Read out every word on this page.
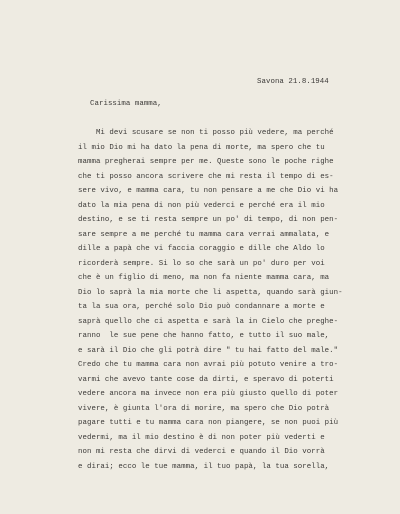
Savona 21.8.1944
Carissima mamma,
Mi devi scusare se non ti posso più vedere, ma perché
il mio Dio mi ha dato la pena di morte, ma spero che tu
mamma pregherai sempre per me. Queste sono le poche righe
che ti posso ancora scrivere che mi resta il tempo di es-
sere vivo, e mamma cara, tu non pensare a me che Dio vi ha
dato la mia pena di non più vederci e perché era il mio
destino, e se ti resta sempre un po' di tempo, di non pen-
sare sempre a me perché tu mamma cara verrai ammalata, e
dille a papà che vi faccia coraggio e dille che Aldo lo
ricorderà sempre. Si lo so che sarà un po' duro per voi
che è un figlio di meno, ma non fa niente mamma cara, ma
Dio lo saprà la mia morte che li aspetta, quando sarà giun-
ta la sua ora, perché solo Dio può condannare a morte e
saprà quello che ci aspetta e sarà la in Cielo che preghe-
ranno  le sue pene che hanno fatto, e tutto il suo male,
e sarà il Dio che gli potrà dire " tu hai fatto del male."
Credo che tu mamma cara non avrai più potuto venire a tro-
varmi che avevo tante cose da dirti, e speravo di poterti
vedere ancora ma invece non era più giusto quello di poter
vivere, è giunta l'ora di morire, ma spero che Dio potrà
pagare tutti e tu mamma cara non piangere, se non puoi più
vedermi, ma il mio destino è di non poter più vederti e
non mi resta che dirvi di vederci e quando il Dio vorrà
e dirai; ecco le tue mamma, il tuo papà, la tua sorella,
